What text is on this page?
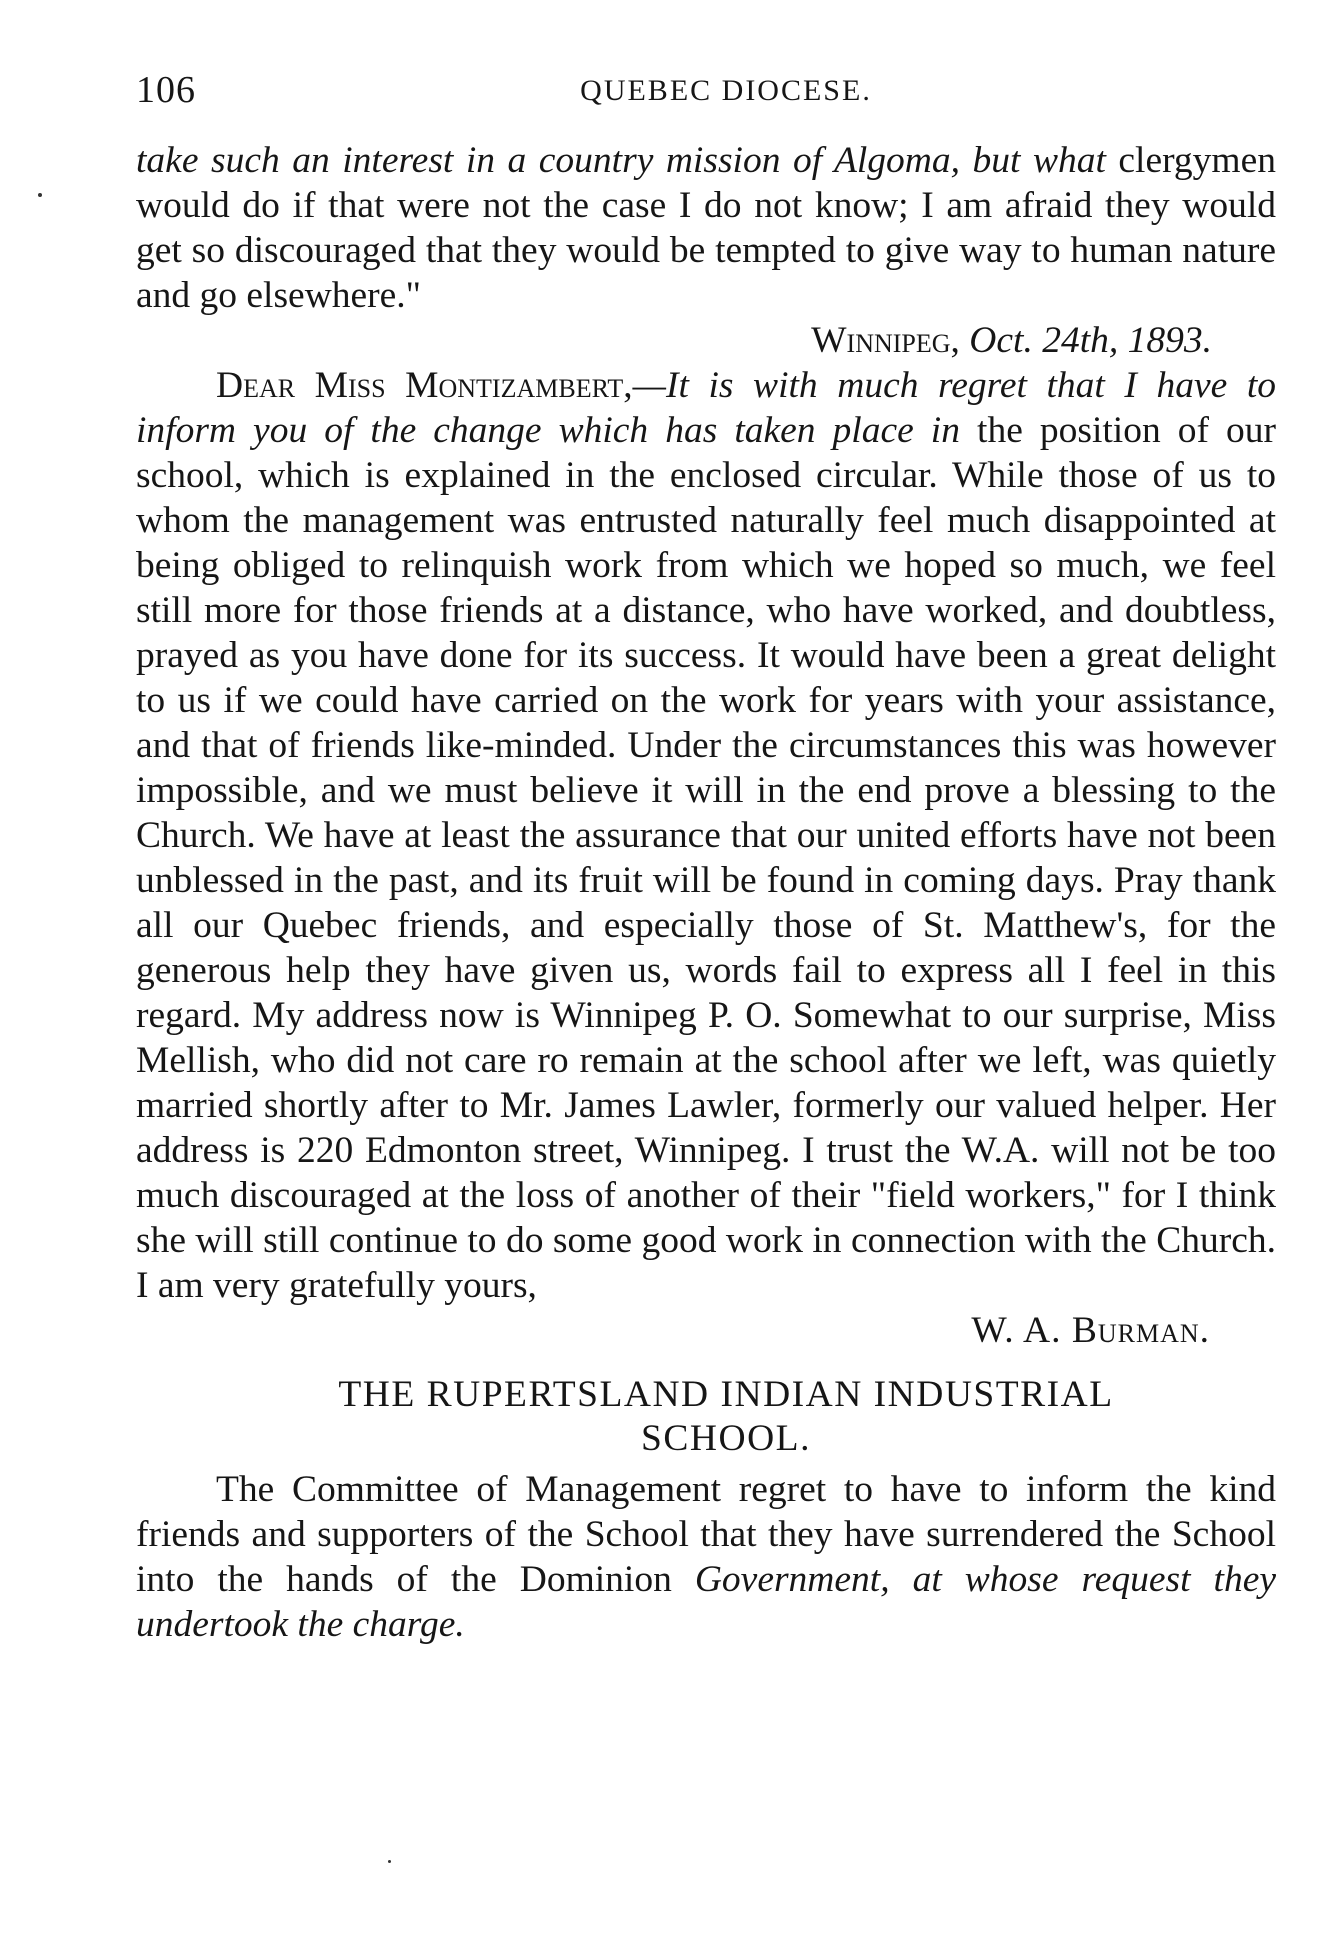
106	QUEBEC DIOCESE.

take such an interest in a country mission of Algoma, but what clergymen would do if that were not the case I do not know; I am afraid they would get so discouraged that they would be tempted to give way to human nature and go elsewhere."

Winnipeg, Oct. 24th, 1893.

Dear Miss Montizambert,—It is with much regret that I have to inform you of the change which has taken place in the position of our school, which is explained in the enclosed circular. While those of us to whom the management was entrusted naturally feel much disappointed at being obliged to relinquish work from which we hoped so much, we feel still more for those friends at a distance, who have worked, and doubtless, prayed as you have done for its success. It would have been a great delight to us if we could have carried on the work for years with your assistance, and that of friends like-minded. Under the circumstances this was however impossible, and we must believe it will in the end prove a blessing to the Church. We have at least the assurance that our united efforts have not been unblessed in the past, and its fruit will be found in coming days. Pray thank all our Quebec friends, and especially those of St. Matthew's, for the generous help they have given us, words fail to express all I feel in this regard. My address now is Winnipeg P. O. Somewhat to our surprise, Miss Mellish, who did not care ro remain at the school after we left, was quietly married shortly after to Mr. James Lawler, formerly our valued helper. Her address is 220 Edmonton street, Winnipeg. I trust the W.A. will not be too much discouraged at the loss of another of their "field workers," for I think she will still continue to do some good work in connection with the Church. I am very gratefully yours,

W. A. Burman.

THE RUPERTSLAND INDIAN INDUSTRIAL
SCHOOL.

The Committee of Management regret to have to inform the kind friends and supporters of the School that they have surrendered the School into the hands of the Dominion Government, at whose request they undertook the charge.
